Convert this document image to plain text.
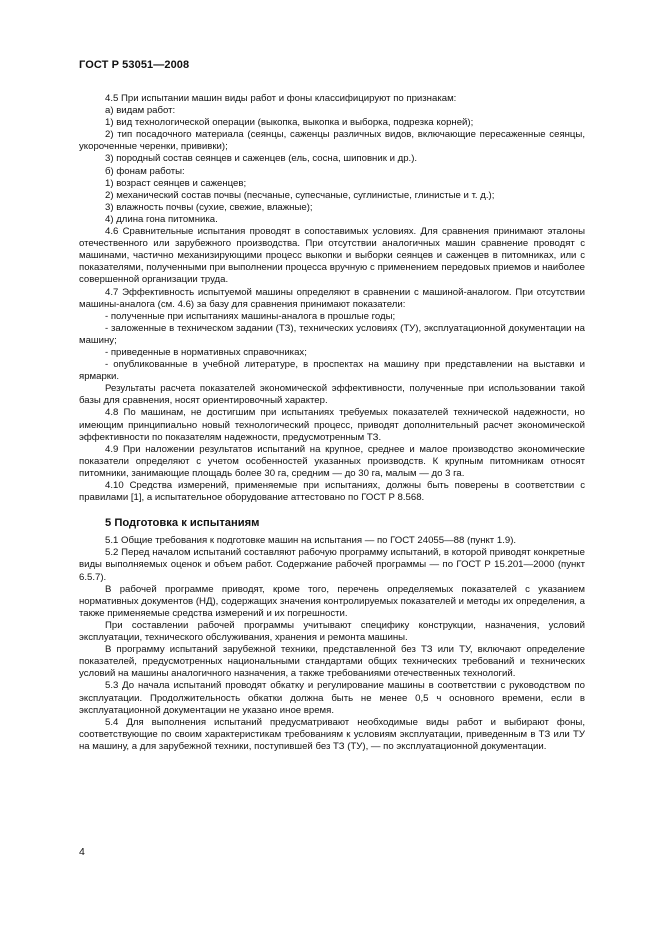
ГОСТ Р 53051—2008

4.5 При испытании машин виды работ и фоны классифицируют по признакам:

а) видам работ:

1) вид технологической операции (выкопка, выкопка и выборка, подрезка корней);

2) тип посадочного материала (сеянцы, саженцы различных видов, включающие пересаженные сеянцы, укороченные черенки, прививки);

3) породный состав сеянцев и саженцев (ель, сосна, шиповник и др.).

б) фонам работы:

1) возраст сеянцев и саженцев;

2) механический состав почвы (песчаные, супесчаные, суглинистые, глинистые и т. д.);

3) влажность почвы (сухие, свежие, влажные);

4) длина гона питомника.

4.6 Сравнительные испытания проводят в сопоставимых условиях. Для сравнения принимают эталоны отечественного или зарубежного производства. При отсутствии аналогичных машин сравнение проводят с машинами, частично механизирующими процесс выкопки и выборки сеянцев и саженцев в питомниках, или с показателями, полученными при выполнении процесса вручную с применением передовых приемов и наиболее совершенной организации труда.

4.7 Эффективность испытуемой машины определяют в сравнении с машиной-аналогом. При отсутствии машины-аналога (см. 4.6) за базу для сравнения принимают показатели:

- полученные при испытаниях машины-аналога в прошлые годы;

- заложенные в техническом задании (ТЗ), технических условиях (ТУ), эксплуатационной документации на машину;

- приведенные в нормативных справочниках;

- опубликованные в учебной литературе, в проспектах на машину при представлении на выставки и ярмарки.

Результаты расчета показателей экономической эффективности, полученные при использовании такой базы для сравнения, носят ориентировочный характер.

4.8 По машинам, не достигшим при испытаниях требуемых показателей технической надежности, но имеющим принципиально новый технологический процесс, приводят дополнительный расчет экономической эффективности по показателям надежности, предусмотренным ТЗ.

4.9 При наложении результатов испытаний на крупное, среднее и малое производство экономические показатели определяют с учетом особенностей указанных производств. К крупным питомникам относят питомники, занимающие площадь более 30 га, средним — до 30 га, малым — до 3 га.

4.10 Средства измерений, применяемые при испытаниях, должны быть поверены в соответствии с правилами [1], а испытательное оборудование аттестовано по ГОСТ Р 8.568.

5 Подготовка к испытаниям

5.1 Общие требования к подготовке машин на испытания — по ГОСТ 24055—88 (пункт 1.9).

5.2 Перед началом испытаний составляют рабочую программу испытаний, в которой приводят конкретные виды выполняемых оценок и объем работ. Содержание рабочей программы — по ГОСТ Р 15.201—2000 (пункт 6.5.7).

В рабочей программе приводят, кроме того, перечень определяемых показателей с указанием нормативных документов (НД), содержащих значения контролируемых показателей и методы их определения, а также применяемые средства измерений и их погрешности.

При составлении рабочей программы учитывают специфику конструкции, назначения, условий эксплуатации, технического обслуживания, хранения и ремонта машины.

В программу испытаний зарубежной техники, представленной без ТЗ или ТУ, включают определение показателей, предусмотренных национальными стандартами общих технических требований и технических условий на машины аналогичного назначения, а также требованиями отечественных технологий.

5.3 До начала испытаний проводят обкатку и регулирование машины в соответствии с руководством по эксплуатации. Продолжительность обкатки должна быть не менее 0,5 ч основного времени, если в эксплуатационной документации не указано иное время.

5.4 Для выполнения испытаний предусматривают необходимые виды работ и выбирают фоны, соответствующие по своим характеристикам требованиям к условиям эксплуатации, приведенным в ТЗ или ТУ на машину, а для зарубежной техники, поступившей без ТЗ (ТУ), — по эксплуатационной документации.

4
